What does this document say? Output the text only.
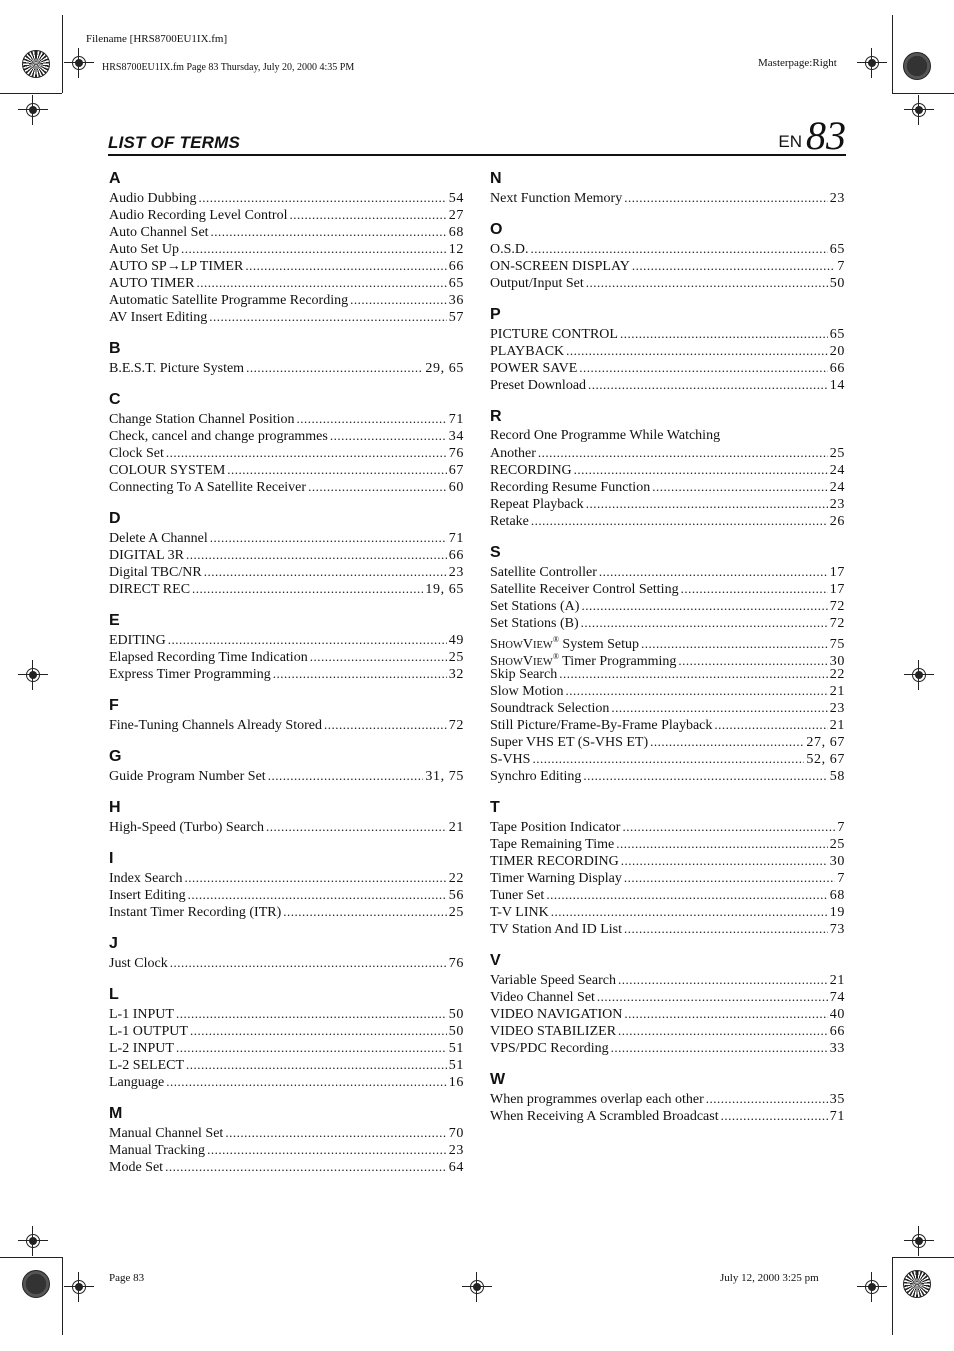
Filename [HRS8700EU1IX.fm]
HRS8700EU1IX.fm Page 83 Thursday, July 20, 2000 4:35 PM	Masterpage:Right
LIST OF TERMS	EN 83
A
Audio Dubbing .....	54
Audio Recording Level Control .....	27
Auto Channel Set .....	68
Auto Set Up .....	12
AUTO SP→LP TIMER .....	66
AUTO TIMER .....	65
Automatic Satellite Programme Recording .....	36
AV Insert Editing .....	57
B
B.E.S.T. Picture System .....	29, 65
C
Change Station Channel Position .....	71
Check, cancel and change programmes .....	34
Clock Set .....	76
COLOUR SYSTEM .....	67
Connecting To A Satellite Receiver .....	60
D
Delete A Channel .....	71
DIGITAL 3R .....	66
Digital TBC/NR .....	23
DIRECT REC .....	19, 65
E
EDITING .....	49
Elapsed Recording Time Indication .....	25
Express Timer Programming .....	32
F
Fine-Tuning Channels Already Stored .....	72
G
Guide Program Number Set .....	31, 75
H
High-Speed (Turbo) Search .....	21
I
Index Search .....	22
Insert Editing .....	56
Instant Timer Recording (ITR) .....	25
J
Just Clock .....	76
L
L-1 INPUT .....	50
L-1 OUTPUT .....	50
L-2 INPUT .....	51
L-2 SELECT .....	51
Language .....	16
M
Manual Channel Set .....	70
Manual Tracking .....	23
Mode Set .....	64
N
Next Function Memory .....	23
O
O.S.D. .....	65
ON-SCREEN DISPLAY .....	7
Output/Input Set .....	50
P
PICTURE CONTROL .....	65
PLAYBACK .....	20
POWER SAVE .....	66
Preset Download .....	14
R
Record One Programme While Watching
Another .....	25
RECORDING .....	24
Recording Resume Function .....	24
Repeat Playback .....	23
Retake .....	26
S
Satellite Controller .....	17
Satellite Receiver Control Setting .....	17
Set Stations (A) .....	72
Set Stations (B) .....	72
SHOWVIEW® System Setup .....	75
SHOWVIEW® Timer Programming .....	30
Skip Search .....	22
Slow Motion .....	21
Soundtrack Selection .....	23
Still Picture/Frame-By-Frame Playback .....	21
Super VHS ET (S-VHS ET) .....	27, 67
S-VHS .....	52, 67
Synchro Editing .....	58
T
Tape Position Indicator .....	7
Tape Remaining Time .....	25
TIMER RECORDING .....	30
Timer Warning Display .....	7
Tuner Set .....	68
T-V LINK .....	19
TV Station And ID List .....	73
V
Variable Speed Search .....	21
Video Channel Set .....	74
VIDEO NAVIGATION .....	40
VIDEO STABILIZER .....	66
VPS/PDC Recording .....	33
W
When programmes overlap each other .....	35
When Receiving A Scrambled Broadcast .....	71
Page 83	July 12, 2000 3:25 pm
